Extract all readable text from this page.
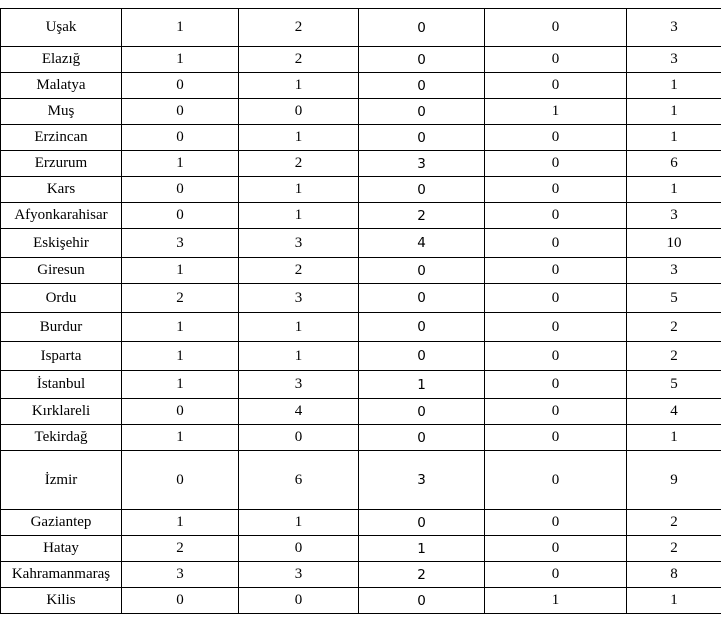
Uşak	1	2	0	0	3
Elazığ	1	2	0	0	3
Malatya	0	1	0	0	1
Muş	0	0	0	1	1
Erzincan	0	1	0	0	1
Erzurum	1	2	3	0	6
Kars	0	1	0	0	1
Afyonkarahisar	0	1	2	0	3
Eskişehir	3	3	4	0	10
Giresun	1	2	0	0	3
Ordu	2	3	0	0	5
Burdur	1	1	0	0	2
Isparta	1	1	0	0	2
İstanbul	1	3	1	0	5
Kırklareli	0	4	0	0	4
Tekirdağ	1	0	0	0	1
İzmir	0	6	3	0	9
Gaziantep	1	1	0	0	2
Hatay	2	0	1	0	2
Kahramanmaraş	3	3	2	0	8
Kilis	0	0	0	1	1
